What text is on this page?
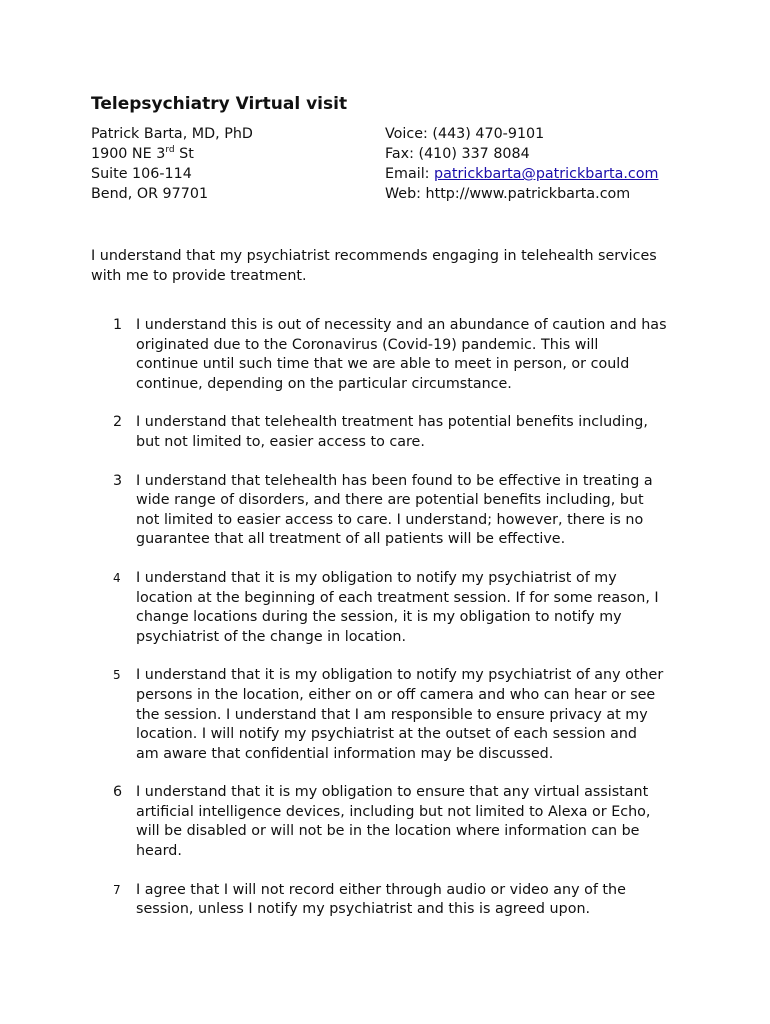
Telepsychiatry Virtual visit
Patrick Barta, MD, PhD
1900 NE 3rd St
Suite 106-114
Bend, OR 97701
Voice: (443) 470-9101
Fax: (410) 337 8084
Email: patrickbarta@patrickbarta.com
Web: http://www.patrickbarta.com

I understand that my psychiatrist recommends engaging in telehealth services with me to provide treatment.

1 I understand this is out of necessity and an abundance of caution and has
originated due to the Coronavirus (Covid-19) pandemic. This will
continue until such time that we are able to meet in person, or could
continue, depending on the particular circumstance.
2 I understand that telehealth treatment has potential benefits including,
but not limited to, easier access to care.
3 I understand that telehealth has been found to be effective in treating a
wide range of disorders, and there are potential benefits including, but
not limited to easier access to care. I understand; however, there is no
guarantee that all treatment of all patients will be effective.
4 I understand that it is my obligation to notify my psychiatrist of my
location at the beginning of each treatment session. If for some reason, I
change locations during the session, it is my obligation to notify my
psychiatrist of the change in location.
5 I understand that it is my obligation to notify my psychiatrist of any other
persons in the location, either on or off camera and who can hear or see
the session. I understand that I am responsible to ensure privacy at my
location. I will notify my psychiatrist at the outset of each session and
am aware that confidential information may be discussed.
6 I understand that it is my obligation to ensure that any virtual assistant
artificial intelligence devices, including but not limited to Alexa or Echo,
will be disabled or will not be in the location where information can be
heard.
7 I agree that I will not record either through audio or video any of the
session, unless I notify my psychiatrist and this is agreed upon.
